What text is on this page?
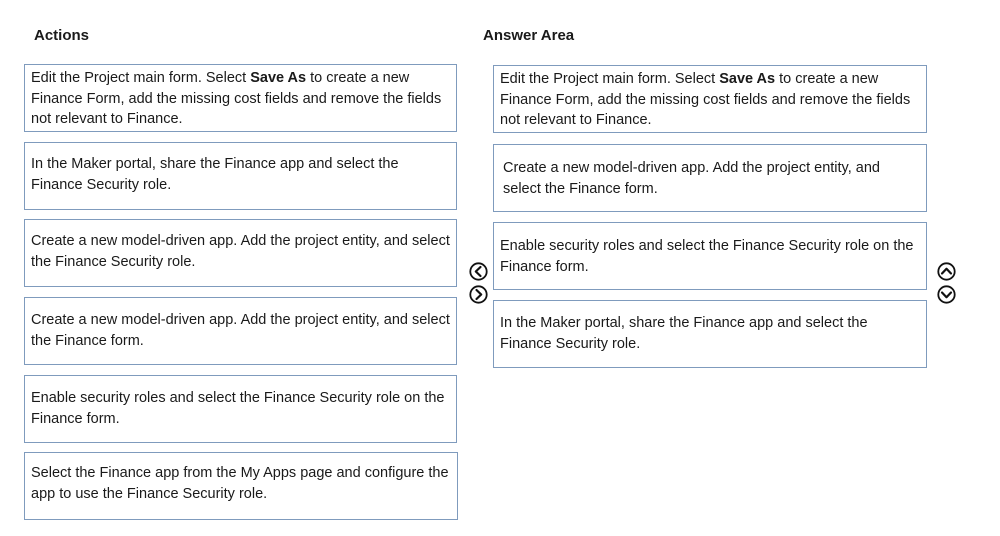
Actions	Answer Area
Edit the Project main form. Select Save As to create a new Finance Form, add the missing cost fields and remove the fields not relevant to Finance.
In the Maker portal, share the Finance app and select the Finance Security role.
Create a new model-driven app. Add the project entity, and select the Finance Security role.
Create a new model-driven app. Add the project entity, and select the Finance form.
Enable security roles and select the Finance Security role on the Finance form.
Select the Finance app from the My Apps page and configure the app to use the Finance Security role.
Edit the Project main form. Select Save As to create a new Finance Form, add the missing cost fields and remove the fields not relevant to Finance.
Create a new model-driven app. Add the project entity, and select the Finance form.
Enable security roles and select the Finance Security role on the Finance form.
In the Maker portal, share the Finance app and select the Finance Security role.
